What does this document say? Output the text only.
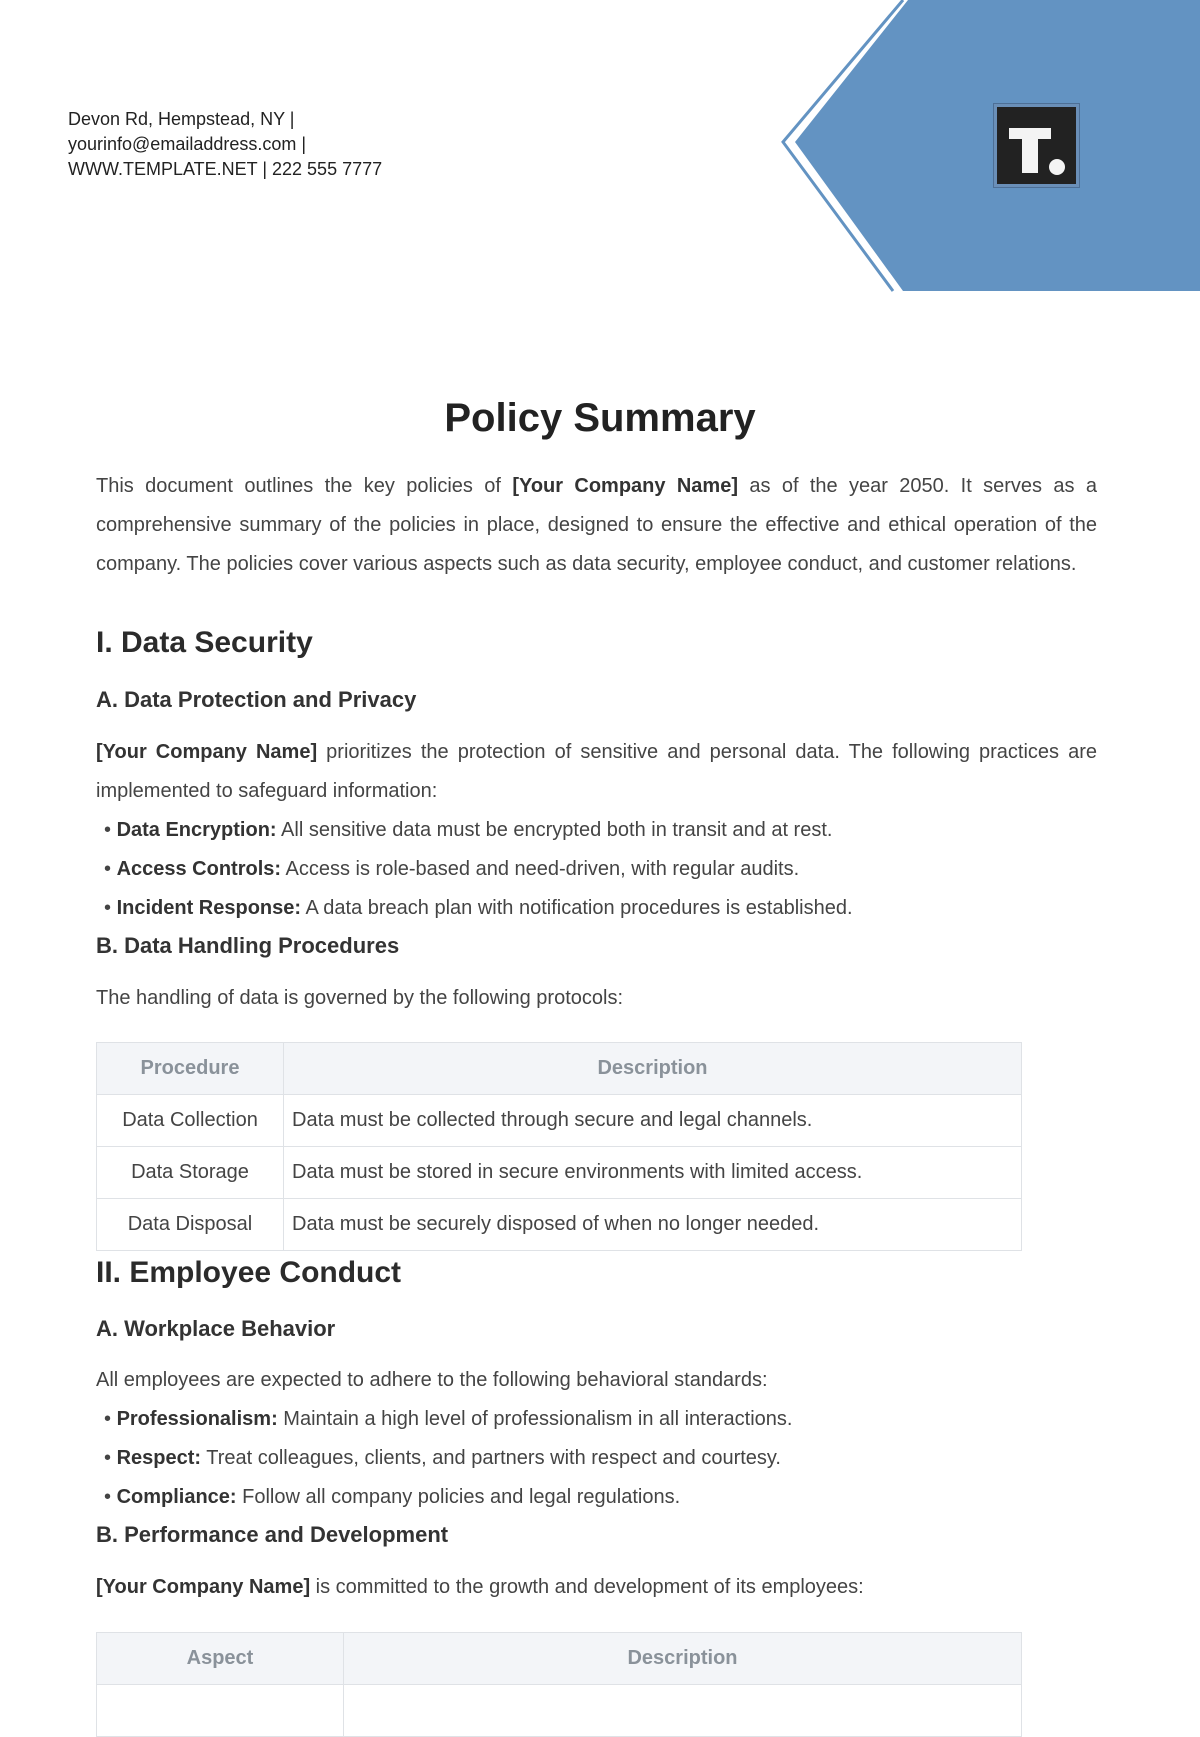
Devon Rd, Hempstead, NY |
yourinfo@emailaddress.com |
WWW.TEMPLATE.NET | 222 555 7777
Policy Summary
This document outlines the key policies of [Your Company Name] as of the year 2050. It serves as a comprehensive summary of the policies in place, designed to ensure the effective and ethical operation of the company. The policies cover various aspects such as data security, employee conduct, and customer relations.
I. Data Security
A. Data Protection and Privacy
[Your Company Name] prioritizes the protection of sensitive and personal data. The following practices are implemented to safeguard information:
• Data Encryption: All sensitive data must be encrypted both in transit and at rest.
• Access Controls: Access is role-based and need-driven, with regular audits.
• Incident Response: A data breach plan with notification procedures is established.
B. Data Handling Procedures
The handling of data is governed by the following protocols:
Procedure	Description
Data Collection	Data must be collected through secure and legal channels.
Data Storage	Data must be stored in secure environments with limited access.
Data Disposal	Data must be securely disposed of when no longer needed.
II. Employee Conduct
A. Workplace Behavior
All employees are expected to adhere to the following behavioral standards:
• Professionalism: Maintain a high level of professionalism in all interactions.
• Respect: Treat colleagues, clients, and partners with respect and courtesy.
• Compliance: Follow all company policies and legal regulations.
B. Performance and Development
[Your Company Name] is committed to the growth and development of its employees:
Aspect	Description
